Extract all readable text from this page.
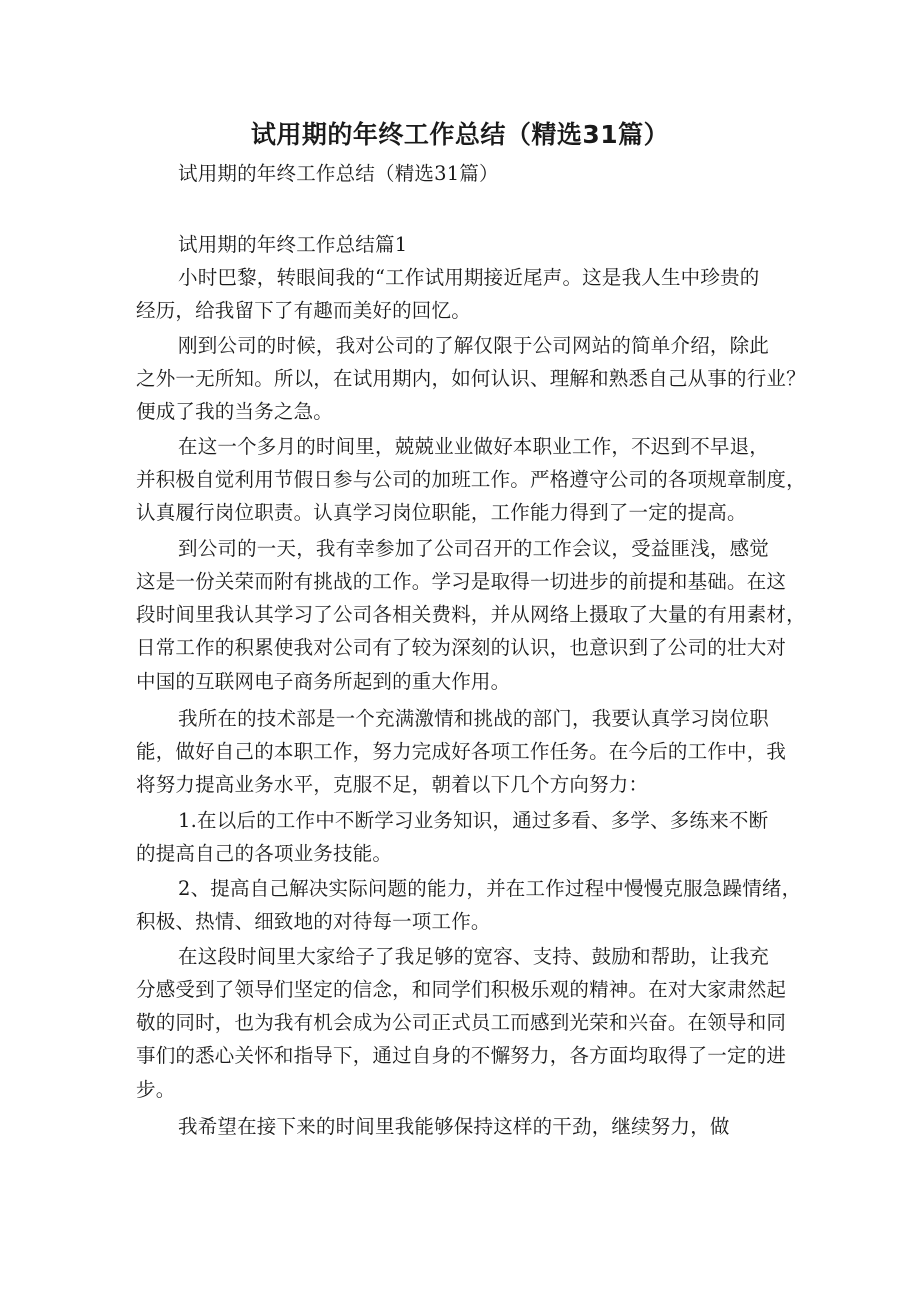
试用期的年终工作总结（精选31篇）
试用期的年终工作总结（精选31篇）
试用期的年终工作总结篇1
小时巴黎，转眼间我的“工作试用期接近尾声。这是我人生中珍贵的
经历，给我留下了有趣而美好的回忆。
刚到公司的时候，我对公司的了解仅限于公司网站的简单介绍，除此
之外一无所知。所以，在试用期内，如何认识、理解和熟悉自己从事的行业？
便成了我的当务之急。
在这一个多月的时间里，兢兢业业做好本职业工作，不迟到不早退，
并积极自觉利用节假日参与公司的加班工作。严格遵守公司的各项规章制度，
认真履行岗位职责。认真学习岗位职能，工作能力得到了一定的提高。
到公司的一天，我有幸参加了公司召开的工作会议，受益匪浅，感觉
这是一份关荣而附有挑战的工作。学习是取得一切进步的前提和基础。在这
段时间里我认其学习了公司各相关费料，并从网络上摄取了大量的有用素材，
日常工作的积累使我对公司有了较为深刻的认识，也意识到了公司的壮大对
中国的互联网电子商务所起到的重大作用。
我所在的技术部是一个充满激情和挑战的部门，我要认真学习岗位职
能，做好自己的本职工作，努力完成好各项工作任务。在今后的工作中，我
将努力提高业务水平，克服不足，朝着以下几个方向努力：
1.在以后的工作中不断学习业务知识，通过多看、多学、多练来不断
的提高自己的各项业务技能。
2、提高自己解决实际问题的能力，并在工作过程中慢慢克服急躁情绪，
积极、热情、细致地的对待每一项工作。
在这段时间里大家给子了我足够的宽容、支持、鼓励和帮助，让我充
分感受到了领导们坚定的信念，和同学们积极乐观的精神。在对大家肃然起
敬的同时，也为我有机会成为公司正式员工而感到光荣和兴奋。在领导和同
事们的悉心关怀和指导下，通过自身的不懈努力，各方面均取得了一定的进
步。
我希望在接下来的时间里我能够保持这样的干劲，继续努力，做
